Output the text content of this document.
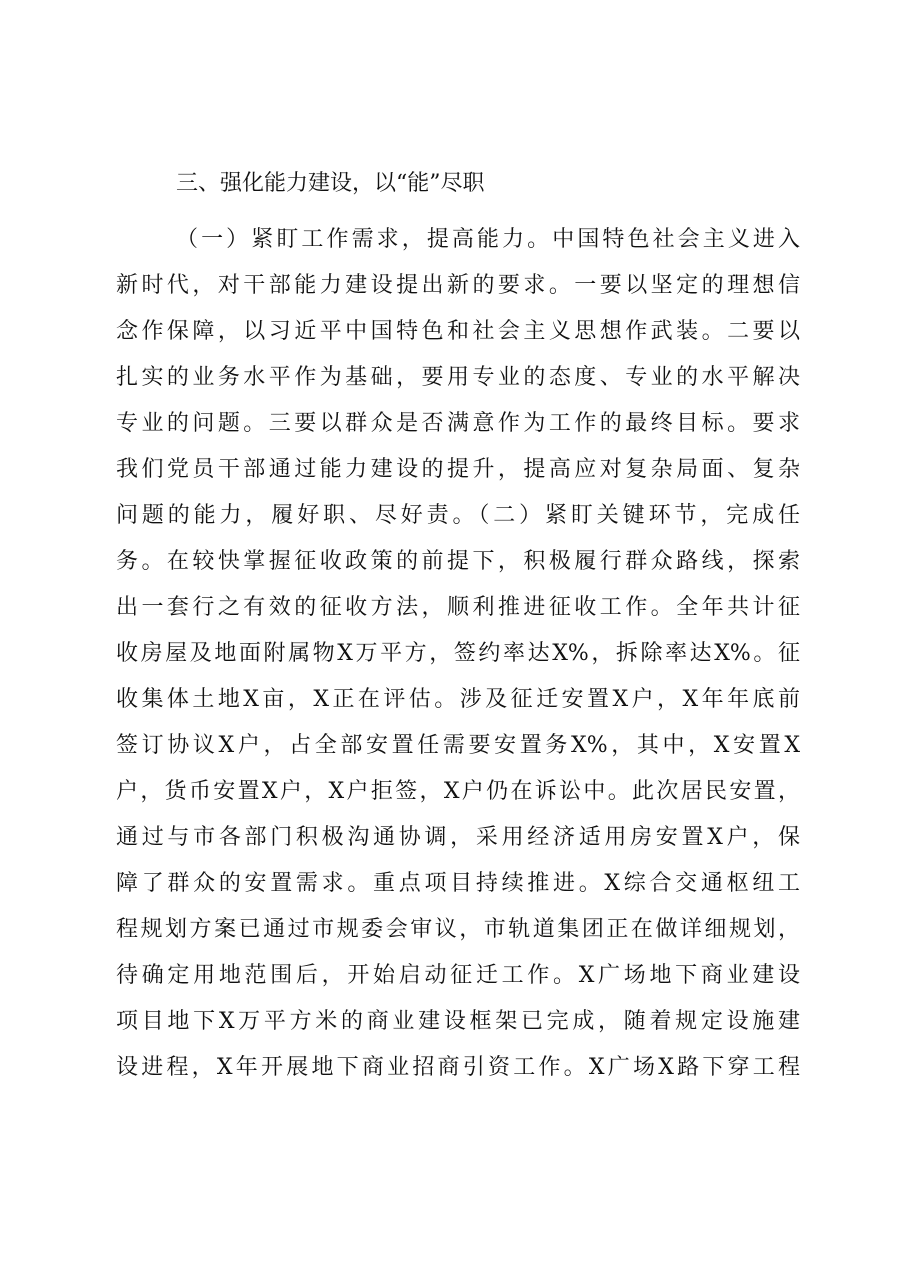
三、强化能力建设，以“能”尽职
（一）紧盯工作需求，提高能力。中国特色社会主义进入
新时代，对干部能力建设提出新的要求。一要以坚定的理想信
念作保障，以习近平中国特色和社会主义思想作武装。二要以
扎实的业务水平作为基础，要用专业的态度、专业的水平解决
专业的问题。三要以群众是否满意作为工作的最终目标。要求
我们党员干部通过能力建设的提升，提高应对复杂局面、复杂
问题的能力，履好职、尽好责。（二）紧盯关键环节，完成任
务。在较快掌握征收政策的前提下，积极履行群众路线，探索
出一套行之有效的征收方法，顺利推进征收工作。全年共计征
收房屋及地面附属物X万平方，签约率达X%，拆除率达X%。征
收集体土地X亩，X正在评估。涉及征迁安置X户，X年年底前
签订协议X户，占全部安置任需要安置务X%，其中，X安置X
户，货币安置X户，X户拒签，X户仍在诉讼中。此次居民安置，
通过与市各部门积极沟通协调，采用经济适用房安置X户，保
障了群众的安置需求。重点项目持续推进。X综合交通枢纽工
程规划方案已通过市规委会审议，市轨道集团正在做详细规划，
待确定用地范围后，开始启动征迁工作。X广场地下商业建设
项目地下X万平方米的商业建设框架已完成，随着规定设施建
设进程，X年开展地下商业招商引资工作。X广场X路下穿工程
